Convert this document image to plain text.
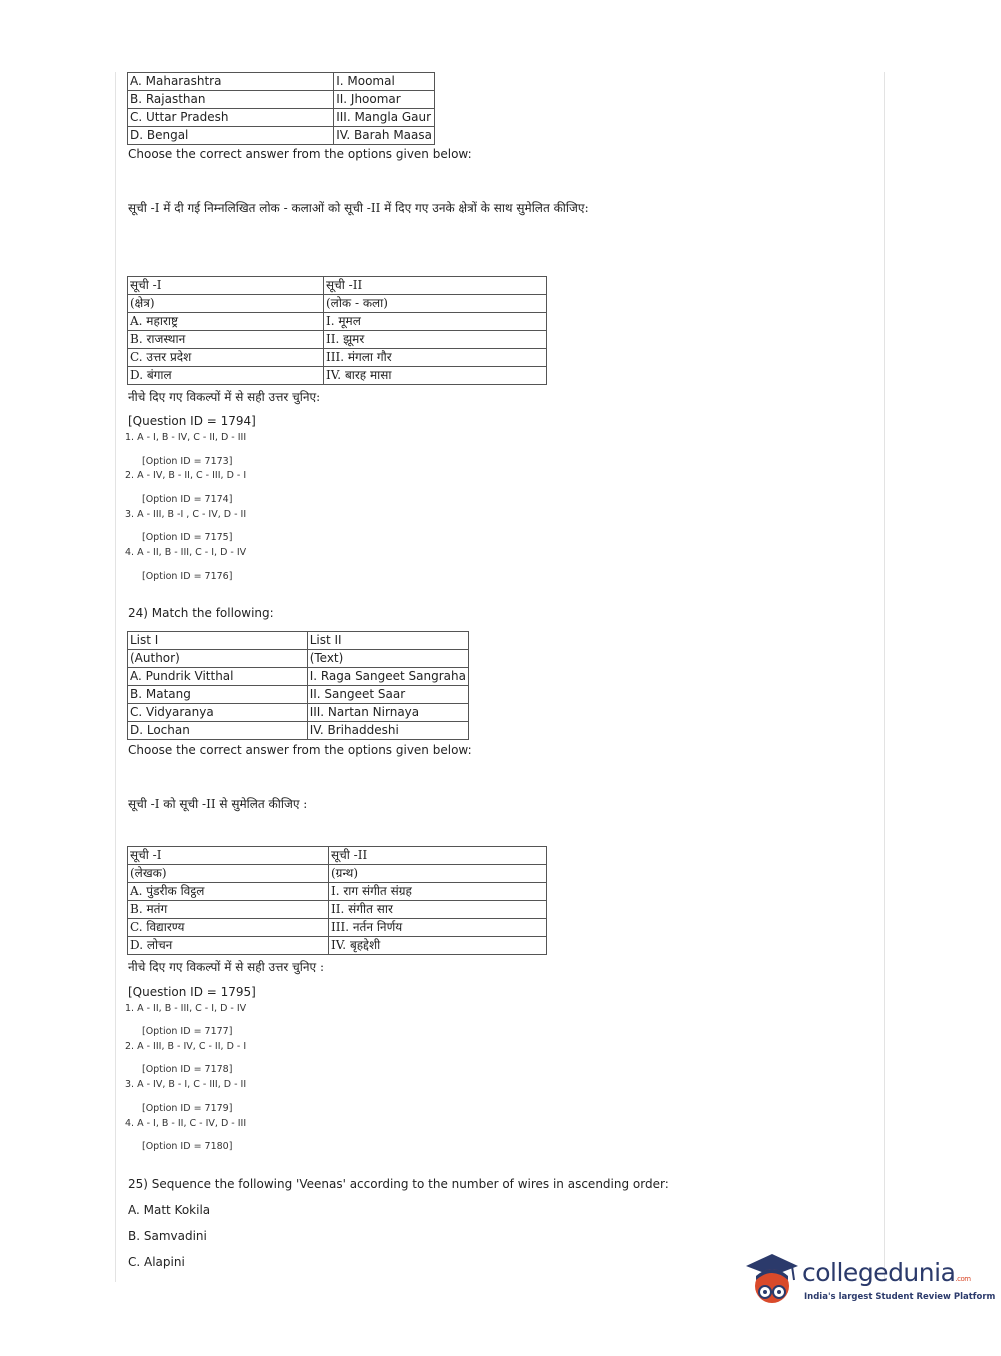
A. Maharashtra	I. Moomal
B. Rajasthan	II. Jhoomar
C. Uttar Pradesh	III. Mangla Gaur
D. Bengal	IV. Barah Maasa
Choose the correct answer from the options given below:
सूची -I में दी गई निम्नलिखित लोक - कलाओं को सूची -II में दिए गए उनके क्षेत्रों के साथ सुमेलित कीजिए:
सूची -I	सूची -II
(क्षेत्र)	(लोक - कला)
A. महाराष्ट्र	I. मूमल
B. राजस्थान	II. झूमर
C. उत्तर प्रदेश	III. मंगला गौर
D. बंगाल	IV. बारह मासा
नीचे दिए गए विकल्पों में से सही उत्तर चुनिए:
[Question ID = 1794]
1. A - I, B - IV, C - II, D - III
[Option ID = 7173]
2. A - IV, B - II, C - III, D - I
[Option ID = 7174]
3. A - III, B -I , C - IV, D - II
[Option ID = 7175]
4. A - II, B - III, C - I, D - IV
[Option ID = 7176]
24) Match the following:
List I	List II
(Author)	(Text)
A. Pundrik Vitthal	I. Raga Sangeet Sangraha
B. Matang	II. Sangeet Saar
C. Vidyaranya	III. Nartan Nirnaya
D. Lochan	IV. Brihaddeshi
Choose the correct answer from the options given below:
सूची -I को सूची -II से सुमेलित कीजिए :
सूची -I	सूची -II
(लेखक)	(ग्रन्थ)
A. पुंडरीक विट्ठल	I. राग संगीत संग्रह
B. मतंग	II. संगीत सार
C. विद्यारण्य	III. नर्तन निर्णय
D. लोचन	IV. बृहद्देशी
नीचे दिए गए विकल्पों में से सही उत्तर चुनिए :
[Question ID = 1795]
1. A - II, B - III, C - I, D - IV
[Option ID = 7177]
2. A - III, B - IV, C - II, D - I
[Option ID = 7178]
3. A - IV, B - I, C - III, D - II
[Option ID = 7179]
4. A - I, B - II, C - IV, D - III
[Option ID = 7180]
25) Sequence the following 'Veenas' according to the number of wires in ascending order:
A. Matt Kokila
B. Samvadini
C. Alapini	collegedunia.com
India's largest Student Review Platform
